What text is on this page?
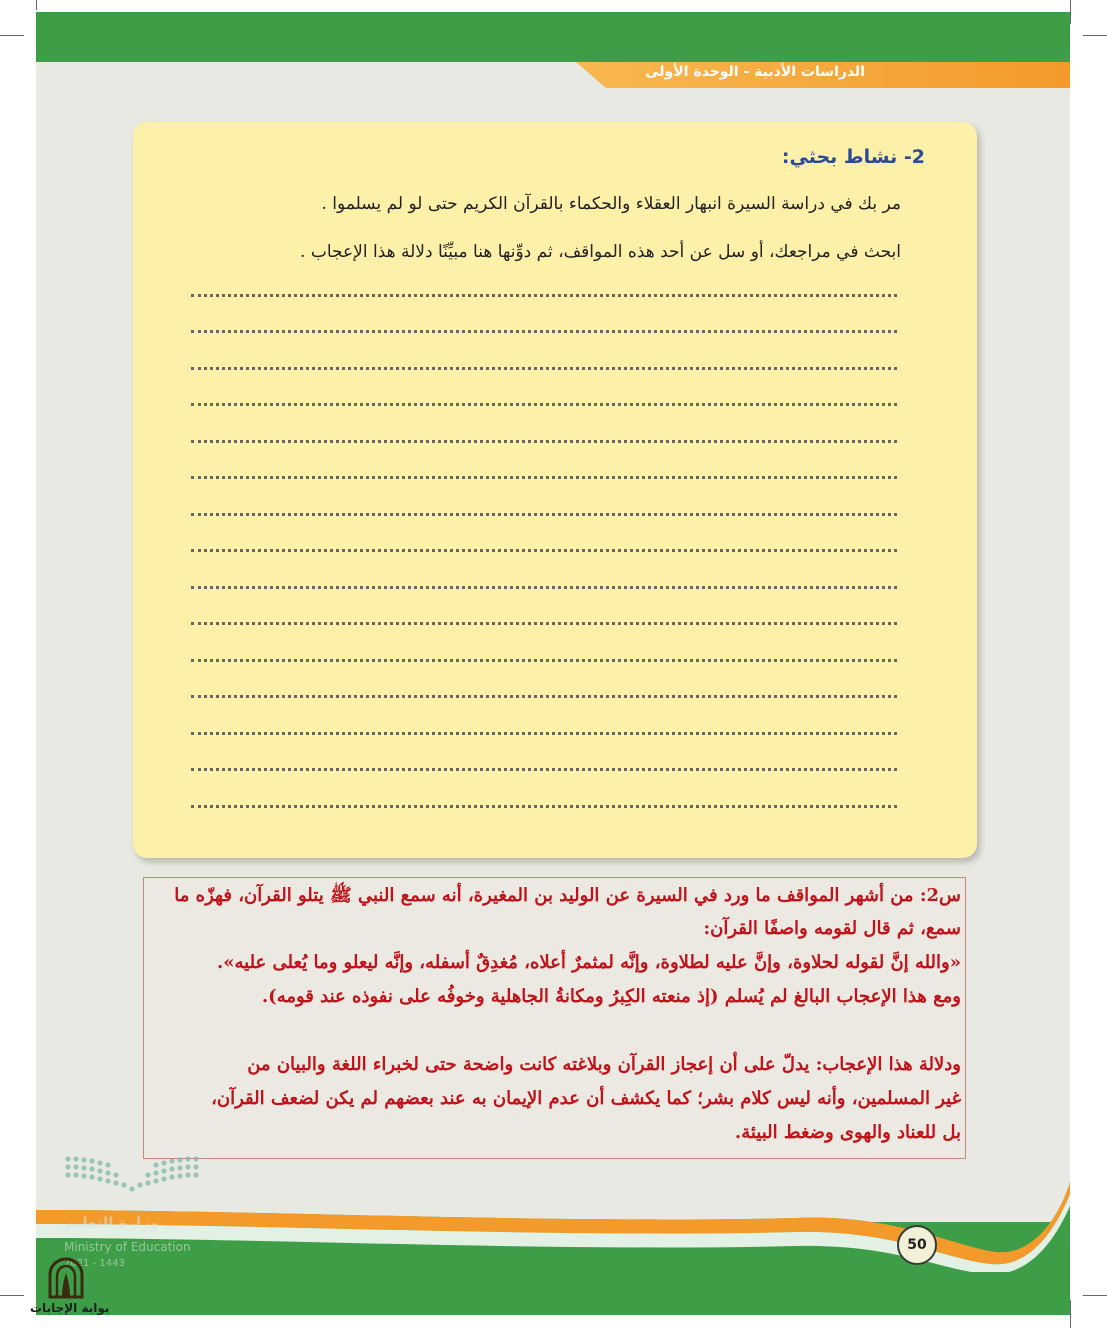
الدراسات الأدبية - الوحدة الأولى
2- نشاط بحثي:
مر بك في دراسة السيرة انبهار العقلاء والحكماء بالقرآن الكريم حتى لو لم يسلموا .
ابحث في مراجعك، أو سل عن أحد هذه المواقف، ثم دوِّنها هنا مبيِّنًا دلالة هذا الإعجاب .
س2: من أشهر المواقف ما ورد في السيرة عن الوليد بن المغيرة، أنه سمع النبي ﷺ يتلو القرآن، فهزّه ما
سمع، ثم قال لقومه واصفًا القرآن:
«والله إنَّ لقوله لحلاوة، وإنَّ عليه لطلاوة، وإنَّه لمثمرٌ أعلاه، مُغدِقٌ أسفله، وإنَّه ليعلو وما يُعلى عليه».
ومع هذا الإعجاب البالغ لم يُسلم (إذ منعته الكِبرُ ومكانةُ الجاهلية وخوفُه على نفوذه عند قومه).
ودلالة هذا الإعجاب: يدلّ على أن إعجاز القرآن وبلاغته كانت واضحة حتى لخبراء اللغة والبيان من
غير المسلمين، وأنه ليس كلام بشر؛ كما يكشف أن عدم الإيمان به عند بعضهم لم يكن لضعف القرآن،
بل للعناد والهوى وضغط البيئة.
50
وزارة التعليم
Ministry of Education
2021 - 1443
بوابة الإجابات
